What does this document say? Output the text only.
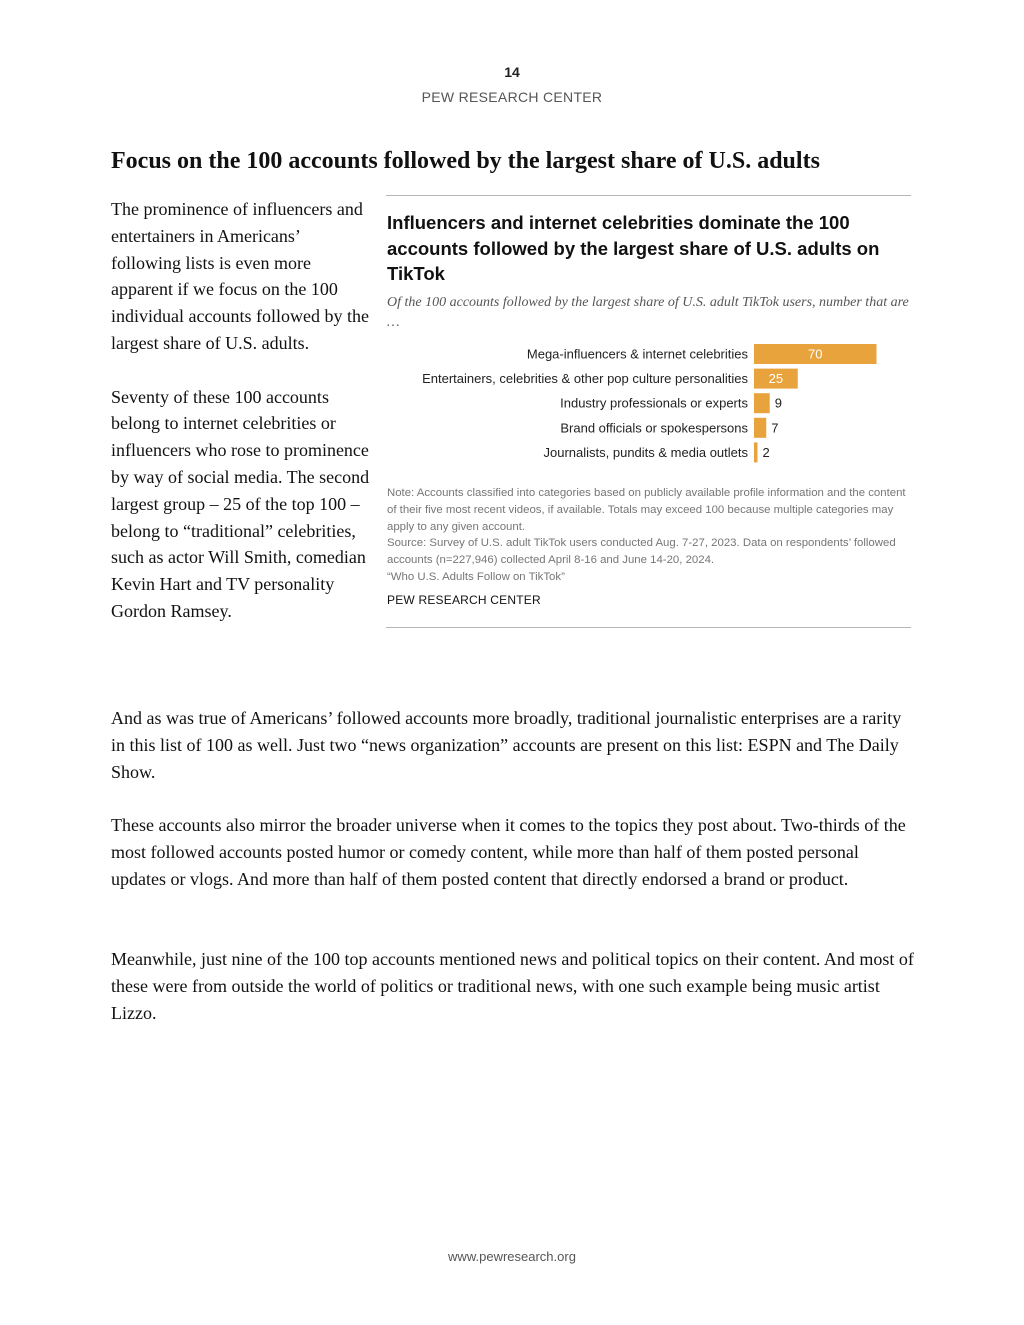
14
PEW RESEARCH CENTER
Focus on the 100 accounts followed by the largest share of U.S. adults

The prominence of influencers and entertainers in Americans’ following lists is even more apparent if we focus on the 100 individual accounts followed by the largest share of U.S. adults.

Seventy of these 100 accounts belong to internet celebrities or influencers who rose to prominence by way of social media. The second largest group – 25 of the top 100 – belong to “traditional” celebrities, such as actor Will Smith, comedian Kevin Hart and TV personality Gordon Ramsey.

Influencers and internet celebrities dominate the 100 accounts followed by the largest share of U.S. adults on TikTok

Of the 100 accounts followed by the largest share of U.S. adult TikTok users, number that are …

Mega-influencers & internet celebrities	70
Entertainers, celebrities & other pop culture personalities 25
Industry professionals or experts 9
Brand officials or spokespersons 7
Journalists, pundits & media outlets 2
Note: Accounts classified into categories based on publicly available profile information and the content of their five most recent videos, if available. Totals may exceed 100 because multiple categories may apply to any given account.
Source: Survey of U.S. adult TikTok users conducted Aug. 7-27, 2023. Data on respondents’ followed accounts (n=227,946) collected April 8-16 and June 14-20, 2024.
“Who U.S. Adults Follow on TikTok”
PEW RESEARCH CENTER

And as was true of Americans’ followed accounts more broadly, traditional journalistic enterprises are a rarity in this list of 100 as well. Just two “news organization” accounts are present on this list: ESPN and The Daily Show.

These accounts also mirror the broader universe when it comes to the topics they post about. Two-thirds of the most followed accounts posted humor or comedy content, while more than half of them posted personal updates or vlogs. And more than half of them posted content that directly endorsed a brand or product.

Meanwhile, just nine of the 100 top accounts mentioned news and political topics on their content. And most of these were from outside the world of politics or traditional news, with one such example being music artist Lizzo.

www.pewresearch.org
